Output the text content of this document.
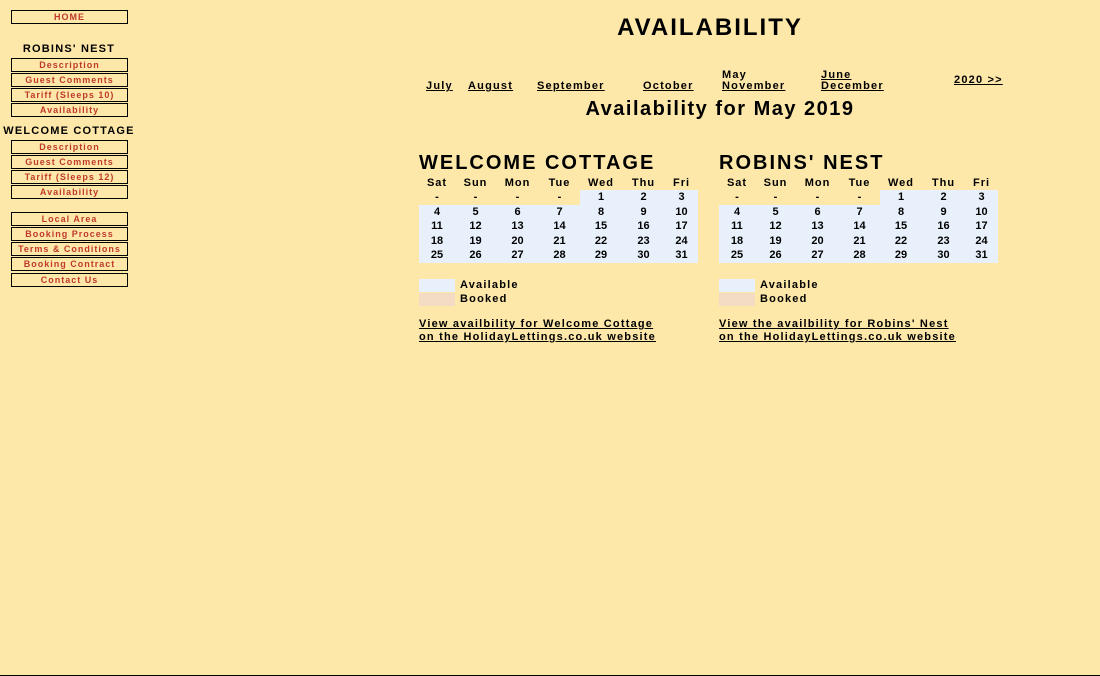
HOME
ROBINS' NEST
Description
Guest Comments
Tariff (Sleeps 10)
Availability
WELCOME COTTAGE
Description
Guest Comments
Tariff (Sleeps 12)
Availability
Local Area
Booking Process
Terms & Conditions
Booking Contract
Contact Us
AVAILABILITY
July August September	October
May
November
June
December	2020 >>
Availability for May 2019
WELCOME COTTAGE
Sat	Sun	Mon	Tue	Wed	Thu	Fri
-	-	-	-	1	2	3
4	5	6	7	8	9	10
11	12	13	14	15	16	17
18	19	20	21	22	23	24
25	26	27	28	29	30	31
ROBINS' NEST
Sat	Sun	Mon	Tue	Wed	Thu	Fri
-	-	-	-	1	2	3
4	5	6	7	8	9	10
11	12	13	14	15	16	17
18	19	20	21	22	23	24
25	26	27	28	29	30	31
Available
Booked
Available
Booked
View availbility for Welcome Cottage
on the HolidayLettings.co.uk website
View the availbility for Robins' Nest
on the HolidayLettings.co.uk website
